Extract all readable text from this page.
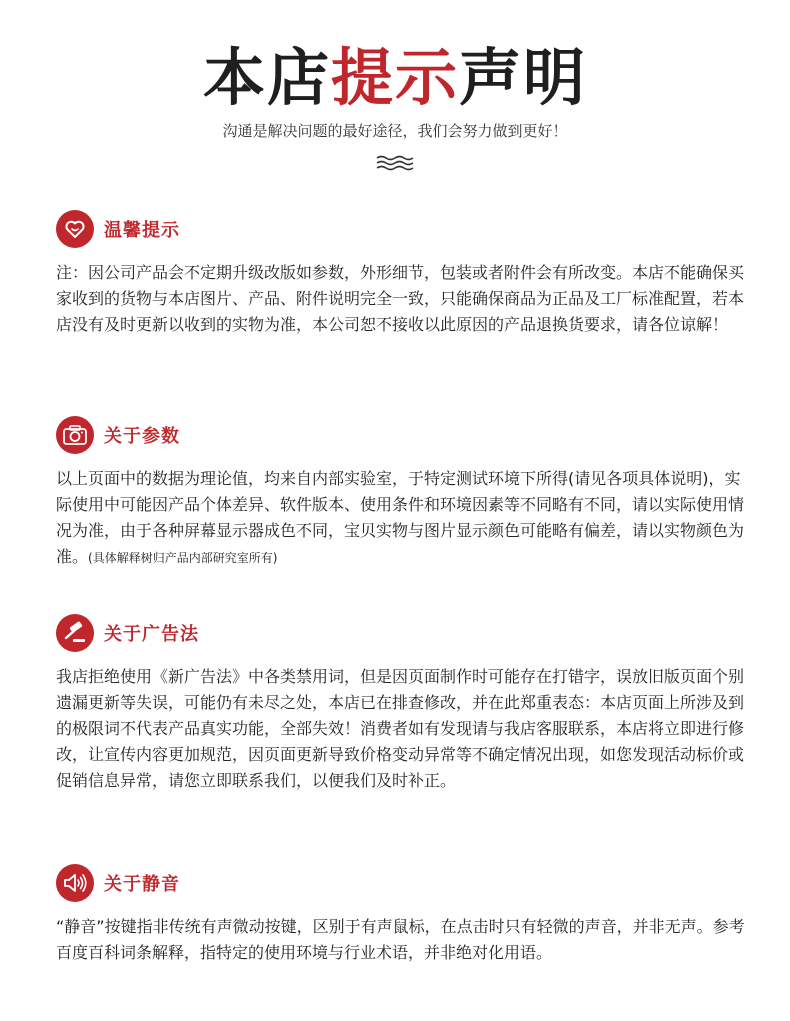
本店提示声明
沟通是解决问题的最好途径，我们会努力做到更好！
温馨提示

注：因公司产品会不定期升级改版如参数，外形细节，包装或者附件会有所改变。本店不能确保买家收到的货物与本店图片、产品、附件说明完全一致，只能确保商品为正品及工厂标准配置，若本店没有及时更新以收到的实物为准，本公司恕不接收以此原因的产品退换货要求，请各位谅解！

关于参数

以上页面中的数据为理论值，均来自内部实验室，于特定测试环境下所得(请见各项具体说明)，实际使用中可能因产品个体差异、软件版本、使用条件和环境因素等不同略有不同，请以实际使用情况为准，由于各种屏幕显示器成色不同，宝贝实物与图片显示颜色可能略有偏差，请以实物颜色为准。(具体解释树归产品内部研究室所有)

关于广告法

我店拒绝使用《新广告法》中各类禁用词，但是因页面制作时可能存在打错字，误放旧版页面个别遗漏更新等失误，可能仍有未尽之处，本店已在排查修改，并在此郑重表态：本店页面上所涉及到的极限词不代表产品真实功能，全部失效！消费者如有发现请与我店客服联系，本店将立即进行修改，让宣传内容更加规范，因页面更新导致价格变动异常等不确定情况出现，如您发现活动标价或促销信息异常，请您立即联系我们，以便我们及时补正。

关于静音

“静音”按键指非传统有声微动按键，区别于有声鼠标，在点击时只有轻微的声音，并非无声。参考百度百科词条解释，指特定的使用环境与行业术语，并非绝对化用语。
